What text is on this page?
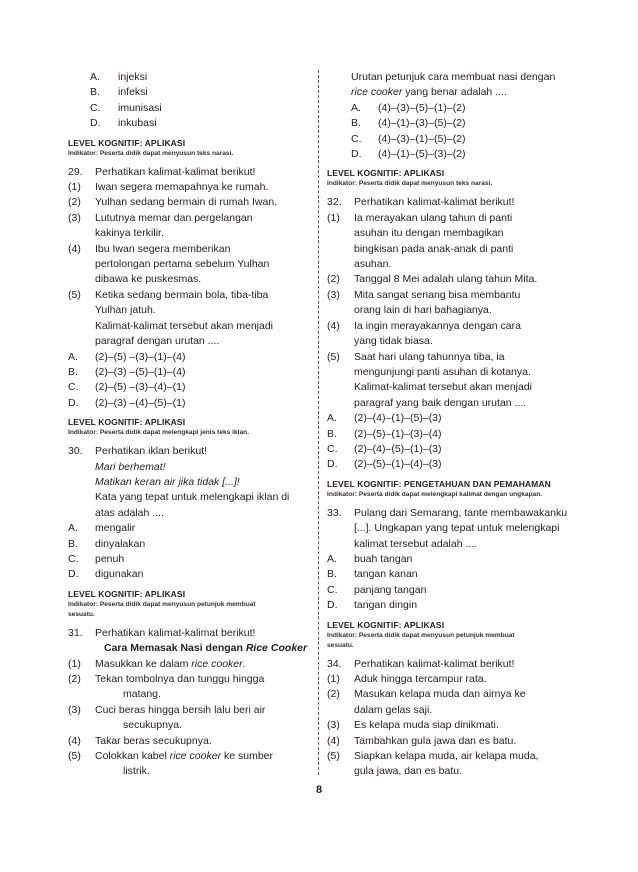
A. injeksi

B. infeksi

C. imunisasi

D. inkubasi

LEVEL KOGNITIF: APLIKASI
Indikator: Peserta didik dapat menyusun teks narasi.
29. Perhatikan kalimat-kalimat berikut!

(1) Iwan segera memapahnya ke rumah.

(2) Yulhan sedang bermain di rumah Iwan.

(3) Lututnya memar dan pergelangan

kakinya terkilir.

(4) Ibu Iwan segera memberikan

pertolongan pertama sebelum Yulhan

dibawa ke puskesmas.

(5) Ketika sedang bermain bola, tiba-tiba

Yulhan jatuh.

Kalimat-kalimat tersebut akan menjadi
paragraf dengan urutan ....
A. (2)–(5) –(3)–(1)–(4)

B. (2)–(3) –(5)–(1)–(4)

C. (2)–(5) –(3)–(4)–(1)

D. (2)–(3) –(4)–(5)–(1)

LEVEL KOGNITIF: APLIKASI
Indikator: Peserta didik dapat melengkapi jenis teks iklan.
30. Perhatikan iklan berikut!

Mari berhemat!
Matikan keran air jika tidak [...]!
Kata yang tepat untuk melengkapi iklan di
atas adalah ....
A. mengalir

B. dinyalakan

C. penuh

D. digunakan

LEVEL KOGNITIF: APLIKASI
Indikator: Peserta didik dapat menyusun petunjuk membuat
sesuatu.
31. Perhatikan kalimat-kalimat berikut!

Cara Memasak Nasi dengan Rice Cooker
(1) Masukkan ke dalam rice cooker.

(2) Tekan tombolnya dan tunggu hingga

matang.
(3) Cuci beras hingga bersih lalu beri air

secukupnya.
(4) Takar beras secukupnya.

(5) Colokkan kabel rice cooker ke sumber

listrik.
Urutan petunjuk cara membuat nasi dengan
rice cooker yang benar adalah ....
A. (4)–(3)–(5)–(1)–(2)

B. (4)–(1)–(3)–(5)–(2)

C. (4)–(3)–(1)–(5)–(2)

D. (4)–(1)–(5)–(3)–(2)

LEVEL KOGNITIF: APLIKASI
Indikator: Peserta didik dapat menyusun teks narasi.
32. Perhatikan kalimat-kalimat berikut!

(1) Ia merayakan ulang tahun di panti

asuhan itu dengan membagikan

bingkisan pada anak-anak di panti

asuhan.

(2) Tanggal 8 Mei adalah ulang tahun Mita.

(3) Mita sangat senang bisa membantu

orang lain di hari bahagianya.

(4) Ia ingin merayakannya dengan cara

yang tidak biasa.

(5) Saat hari ulang tahunnya tiba, ia

mengunjungi panti asuhan di kotanya.

Kalimat-kalimat tersebut akan menjadi
paragraf yang baik dengan urutan ....
A. (2)–(4)–(1)–(5)–(3)

B. (2)–(5)–(1)–(3)–(4)

C. (2)–(4)–(5)–(1)–(3)

D. (2)–(5)–(1)–(4)–(3)

LEVEL KOGNITIF: PENGETAHUAN DAN PEMAHAMAN
Indikator: Peserta didik dapat melengkapi kalimat dengan ungkapan.
33. Pulang dari Semarang, tante membawakanku

[...]. Ungkapan yang tepat untuk melengkapi
kalimat tersebut adalah ....
A. buah tangan

B. tangan kanan

C. panjang tangan

D. tangan dingin

LEVEL KOGNITIF: APLIKASI
Indikator: Peserta didik dapat menyusun petunjuk membuat
sesuatu.
34. Perhatikan kalimat-kalimat berikut!

(1) Aduk hingga tercampur rata.

(2) Masukan kelapa muda dan airnya ke

dalam gelas saji.

(3) Es kelapa muda siap dinikmati.

(4) Tambahkan gula jawa dan es batu.

(5) Siapkan kelapa muda, air kelapa muda,

gula jawa, dan es batu.

8
